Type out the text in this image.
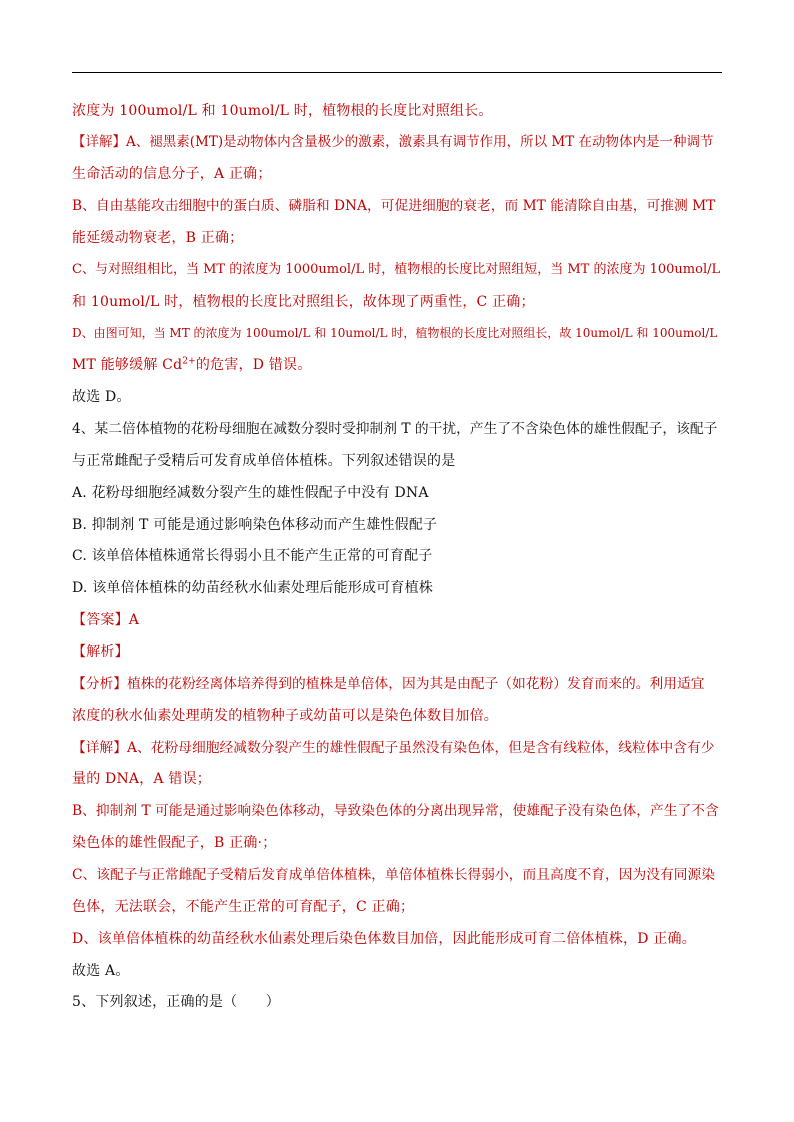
浓度为 100umol/L 和 10umol/L 时，植物根的长度比对照组长。
【详解】A、褪黑素(MT)是动物体内含量极少的激素，激素具有调节作用，所以 MT 在动物体内是一种调节
生命活动的信息分子，A 正确；
B、自由基能攻击细胞中的蛋白质、磷脂和 DNA，可促进细胞的衰老，而 MT 能清除自由基，可推测 MT
能延缓动物衰老，B 正确；
C、与对照组相比，当 MT 的浓度为 1000umol/L 时，植物根的长度比对照组短，当 MT 的浓度为 100umol/L
和 10umol/L 时，植物根的长度比对照组长，故体现了两重性，C 正确；
D、由图可知，当 MT 的浓度为 100umol/L 和 10umol/L 时，植物根的长度比对照组长，故 10umol/L 和 100umol/L
MT 能够缓解 $Cd^{2+}$的危害，D 错误。
故选 D。
4、某二倍体植物的花粉母细胞在减数分裂时受抑制剂 T 的干扰，产生了不含染色体的雄性假配子，该配子
与正常雌配子受精后可发育成单倍体植株。下列叙述错误的是
A. 花粉母细胞经减数分裂产生的雄性假配子中没有 DNA
B. 抑制剂 T 可能是通过影响染色体移动而产生雄性假配子
C. 该单倍体植株通常长得弱小且不能产生正常的可育配子
D. 该单倍体植株的幼苗经秋水仙素处理后能形成可育植株
【答案】A
【解析】
【分析】植株的花粉经离体培养得到的植株是单倍体，因为其是由配子（如花粉）发育而来的。利用适宜
浓度的秋水仙素处理萌发的植物种子或幼苗可以是染色体数目加倍。
【详解】A、花粉母细胞经减数分裂产生的雄性假配子虽然没有染色体，但是含有线粒体，线粒体中含有少
量的 DNA，A 错误；
B、抑制剂 T 可能是通过影响染色体移动，导致染色体的分离出现异常，使雄配子没有染色体，产生了不含
染色体的雄性假配子，B 正确·；
C、该配子与正常雌配子受精后发育成单倍体植株，单倍体植株长得弱小，而且高度不育，因为没有同源染
色体，无法联会，不能产生正常的可育配子，C 正确；
D、该单倍体植株的幼苗经秋水仙素处理后染色体数目加倍，因此能形成可育二倍体植株，D 正确。
故选 A。
5、下列叙述，正确的是（　　）
